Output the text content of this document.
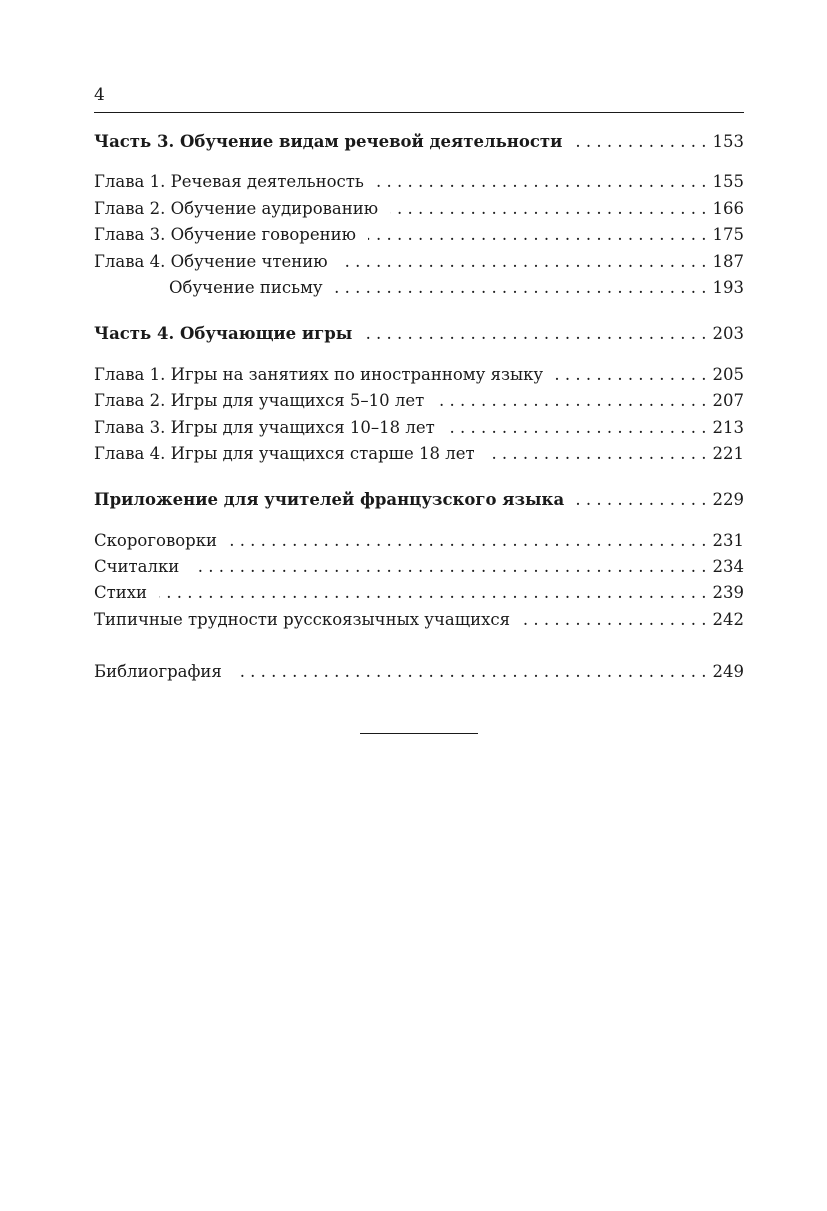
4
Часть 3. Обучение видам речевой деятельности . . .	153
Глава 1. Речевая деятельность . . .	155
Глава 2. Обучение аудированию . . .	166
Глава 3. Обучение говорению . . .	175
Глава 4. Обучение чтению . . .	187
Обучение письму . . .	193
Часть 4. Обучающие игры . . .	203
Глава 1. Игры на занятиях по иностранному языку . . .	205
Глава 2. Игры для учащихся 5–10 лет . . .	207
Глава 3. Игры для учащихся 10–18 лет . . .	213
Глава 4. Игры для учащихся старше 18 лет . . .	221
Приложение для учителей французского языка . . .	229
Скороговорки . . .	231
Считалки . . .	234
Стихи . . .	239
Типичные трудности русскоязычных учащихся . . .	242
Библиография . . .	249
